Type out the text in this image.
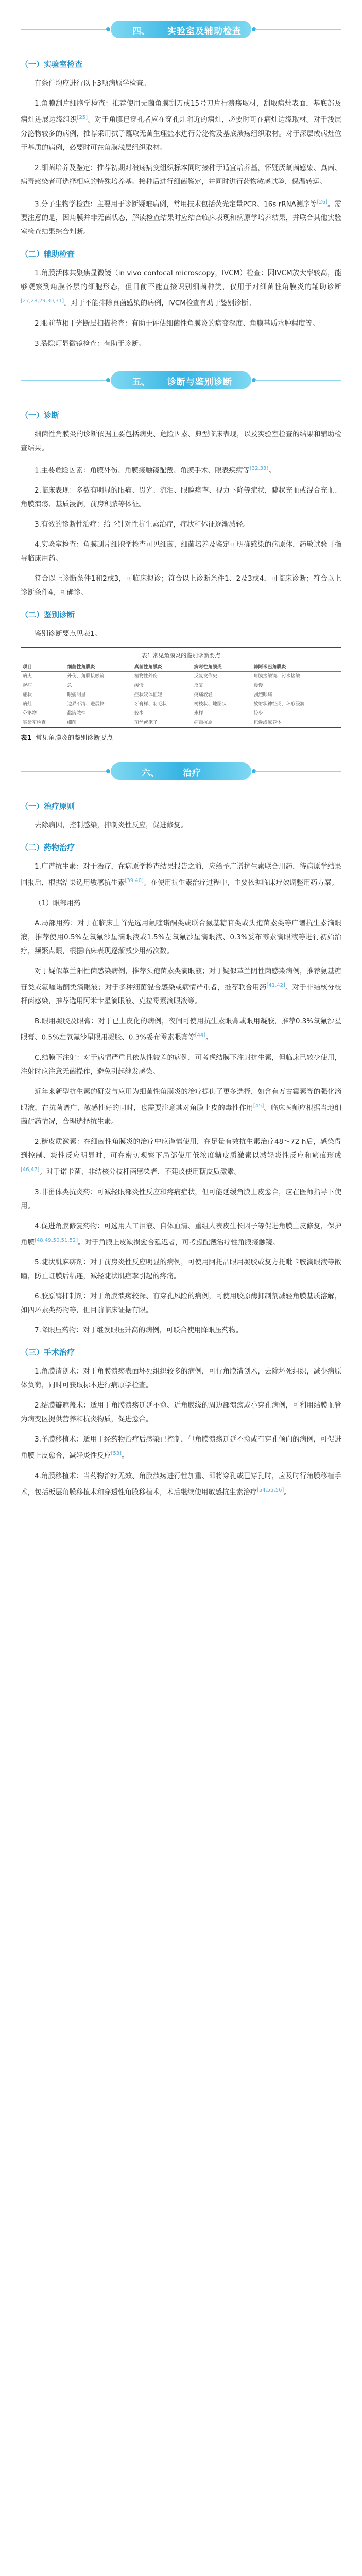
四、 实验室及辅助检查
（一）实验室检查

有条件均应进行以下3项病原学检查。

1.角膜刮片细胞学检查：推荐使用无菌角膜刮刀或15号刀片行溃疡取材，刮取病灶表面，基底部及病灶进展边缘组织[25]。对于角膜已穿孔者应在穿孔灶附近的病灶，必要时可在病灶边缘取材。对于浅层分泌物较多的病例，推荐采用拭子蘸取无菌生理盐水进行分泌物及基底溃疡组织取材。对于深层或病灶位于基质的病例，必要时可在角膜浅层组织取材。

2.细菌培养及鉴定：推荐初期对溃疡病变组织标本同时接种于适宜培养基，怀疑厌氧菌感染、真菌、病毒感染者可选择相应的特殊培养基。接种后进行细菌鉴定，并同时进行药物敏感试验，保温转运。

3.分子生物学检查：主要用于诊断疑难病例，常用技术包括荧光定量PCR、16s rRNA测序等[26]。需要注意的是，因角膜并非无菌状态，解读检查结果时应结合临床表现和病原学培养结果，并联合其他实验室检查结果综合判断。

（二）辅助检查

1.角膜活体共聚焦显微镜（in vivo confocal microscopy，IVCM）检查：因IVCM放大率较高，能够观察到角膜各层的细胞形态，但目前不能直接识别细菌种类，仅用于对细菌性角膜炎的辅助诊断[27,28,29,30,31]。对于不能排除真菌感染的病例，IVCM检查有助于鉴别诊断。

2.眼前节相干光断层扫描检查：有助于评估细菌性角膜炎的病变深度、角膜基质水肿程度等。

3.裂隙灯显微镜检查：有助于诊断。

五、 诊断与鉴别诊断
（一）诊断

细菌性角膜炎的诊断依据主要包括病史、危险因素、典型临床表现，以及实验室检查的结果和辅助检查结果。

1.主要危险因素：角膜外伤、角膜接触镜配戴、角膜手术、眼表疾病等[32,33]。

2.临床表现：多数有明显的眼痛、畏光、流泪、眼睑痉挛、视力下降等症状，睫状充血或混合充血、角膜溃疡、基质浸润，前房积脓等体征。

3.有效的诊断性治疗：给予针对性抗生素治疗，症状和体征逐渐减轻。

4.实验室检查：角膜刮片细胞学检查可见细菌，细菌培养及鉴定可明确感染的病原体，药敏试验可指导临床用药。

符合以上诊断条件1和2或3，可临床拟诊；符合以上诊断条件1、2及3或4，可临床诊断；符合以上诊断条件4，可确诊。

（二）鉴别诊断

鉴别诊断要点见表1。

表1 常见角膜炎的鉴别诊断要点
项目	细菌性角膜炎	真菌性角膜炎	病毒性角膜炎	棘阿米巴角膜炎
病史	外伤、角膜接触镜	植物性外伤	反复发作史	角膜接触镜、污水接触
起病	急	缓慢	反复	缓慢
症状	眼痛明显	症状较体征轻	疼痛较轻	剧烈眼痛
病灶	边界不清、进展快	牙膏样、羽毛状	树枝状、地图状	放射状神经炎、环形浸润
分泌物	黏液脓性	较少	水样	较少
实验室检查	细菌	菌丝或孢子	病毒抗原	包囊或滋养体
表1 常见角膜炎的鉴别诊断要点
六、	治疗
（一）治疗原则

去除病因，控制感染，抑制炎性反应，促进修复。

（二）药物治疗

1.广谱抗生素：对于治疗，在病原学检查结果报告之前，应给予广谱抗生素联合用药，待病原学结果回报后，根据结果选用敏感抗生素[39,40]。在使用抗生素治疗过程中，主要依据临床疗效调整用药方案。

（1）眼部用药

A.局部用药：对于在临床上首先选用氟喹诺酮类或联合氨基糖苷类或头孢菌素类等广谱抗生素滴眼液，推荐使用0.5%左氧氟沙星滴眼液或1.5%左氧氟沙星滴眼液、0.3%妥布霉素滴眼液等进行初始治疗，频繁点眼，根据临床表现逐渐减少用药次数。

对于疑似革兰阳性菌感染病例，推荐头孢菌素类滴眼液；对于疑似革兰阴性菌感染病例，推荐氨基糖苷类或氟喹诺酮类滴眼液；对于多种细菌混合感染或病情严重者，推荐联合用药[41,42]。对于非结核分枝杆菌感染，推荐选用阿米卡星滴眼液、克拉霉素滴眼液等。

B.眼用凝胶及眼膏：对于已上皮化的病例，夜间可使用抗生素眼膏或眼用凝胶，推荐0.3%氧氟沙星眼膏、0.5%左氧氟沙星眼用凝胶、0.3%妥布霉素眼膏等[44]。

C.结膜下注射：对于病情严重且依从性较差的病例，可考虑结膜下注射抗生素，但临床已较少使用，注射时应注意无菌操作，避免引起继发感染。

近年来新型抗生素的研发与应用为细菌性角膜炎的治疗提供了更多选择，如含有万古霉素等的强化滴眼液，在抗菌谱广、敏感性好的同时，也需要注意其对角膜上皮的毒性作用[45]。临床医师应根据当地细菌耐药情况，合理选择抗生素。

2.糖皮质激素：在细菌性角膜炎的治疗中应谨慎使用，在足量有效抗生素治疗48～72 h后，感染得到控制、炎性反应明显时，可在密切观察下局部使用低浓度糖皮质激素以减轻炎性反应和瘢痕形成[46,47]。对于诺卡菌、非结核分枝杆菌感染者，不建议使用糖皮质激素。

3.非甾体类抗炎药：可减轻眼部炎性反应和疼痛症状，但可能延缓角膜上皮愈合，应在医师指导下使用。

4.促进角膜修复药物：可选用人工泪液、自体血清、重组人表皮生长因子等促进角膜上皮修复，保护角膜[48,49,50,51,52]。对于角膜上皮缺损愈合延迟者，可考虑配戴治疗性角膜接触镜。

5.睫状肌麻痹剂：对于前房炎性反应明显的病例，可使用阿托品眼用凝胶或复方托吡卡胺滴眼液等散瞳，防止虹膜后粘连，减轻睫状肌痉挛引起的疼痛。

6.胶原酶抑制剂：对于角膜溃疡较深、有穿孔风险的病例，可使用胶原酶抑制剂减轻角膜基质溶解，如四环素类药物等，但目前临床证据有限。

7.降眼压药物：对于继发眼压升高的病例，可联合使用降眼压药物。

（三）手术治疗

1.角膜清创术：对于角膜溃疡表面坏死组织较多的病例，可行角膜清创术，去除坏死组织，减少病原体负荷，同时可获取标本进行病原学检查。

2.结膜瓣遮盖术：适用于角膜溃疡迁延不愈、近角膜缘的周边部溃疡或小穿孔病例，可利用结膜血管为病变区提供营养和抗炎物质，促进愈合。

3.羊膜移植术：适用于经药物治疗后感染已控制，但角膜溃疡迁延不愈或有穿孔倾向的病例，可促进角膜上皮愈合，减轻炎性反应[53]。

4.角膜移植术：当药物治疗无效、角膜溃疡进行性加重、即将穿孔或已穿孔时，应及时行角膜移植手术，包括板层角膜移植术和穿透性角膜移植术，术后继续使用敏感抗生素治疗[54,55,56]。
